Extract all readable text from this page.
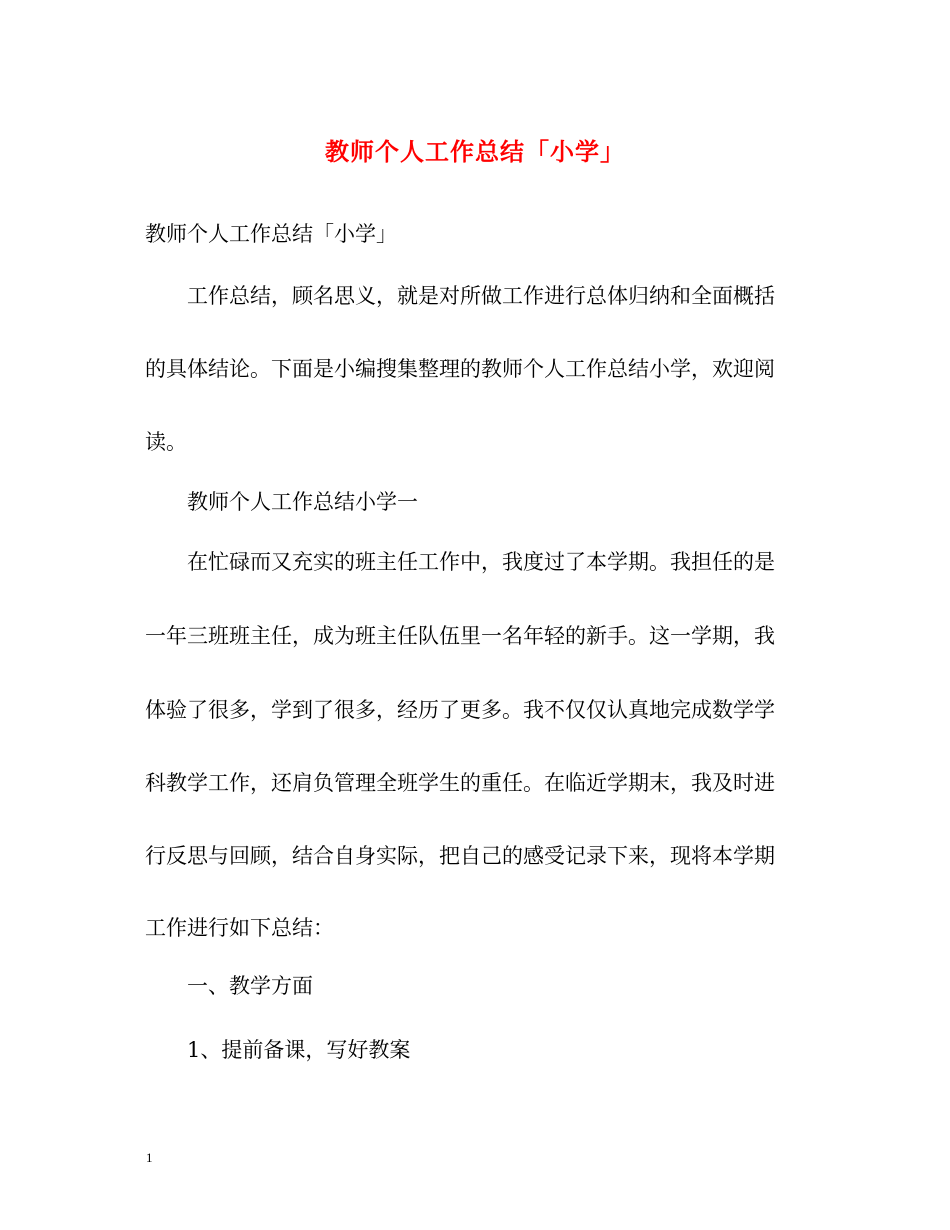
教师个人工作总结「小学」
教师个人工作总结「小学」
工作总结，顾名思义，就是对所做工作进行总体归纳和全面概括
的具体结论。下面是小编搜集整理的教师个人工作总结小学，欢迎阅
读。
教师个人工作总结小学一
在忙碌而又充实的班主任工作中，我度过了本学期。我担任的是
一年三班班主任，成为班主任队伍里一名年轻的新手。这一学期，我
体验了很多，学到了很多，经历了更多。我不仅仅认真地完成数学学
科教学工作，还肩负管理全班学生的重任。在临近学期末，我及时进
行反思与回顾，结合自身实际，把自己的感受记录下来，现将本学期
工作进行如下总结：
一、教学方面
1、提前备课，写好教案
1
